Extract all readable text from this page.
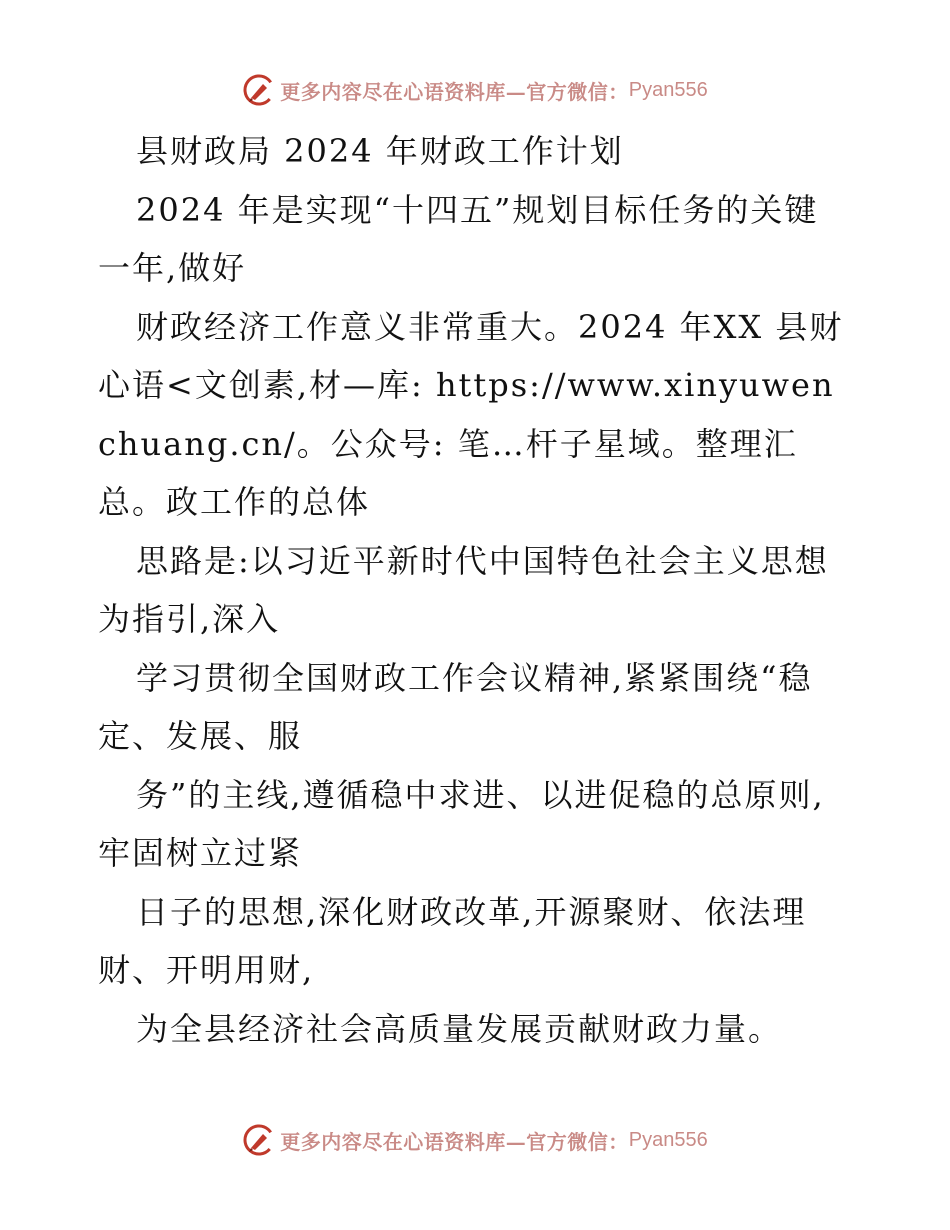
更多内容尽在心语资料库—官方微信： Pyan556

县财政局 2024 年财政工作计划

2024 年是实现“十四五”规划目标任务的关键一年,做好

财政经济工作意义非常重大。2024 年XX 县财心语<文创素,材—库: https://www.xinyuwenchuang.cn/。公众号: 笔…杆子星域。整理汇总。政工作的总体

思路是:以习近平新时代中国特色社会主义思想为指引,深入

学习贯彻全国财政工作会议精神,紧紧围绕“稳定、发展、服

务”的主线,遵循稳中求进、以进促稳的总原则,牢固树立过紧

日子的思想,深化财政改革,开源聚财、依法理财、开明用财,

为全县经济社会高质量发展贡献财政力量。

更多内容尽在心语资料库—官方微信： Pyan556
